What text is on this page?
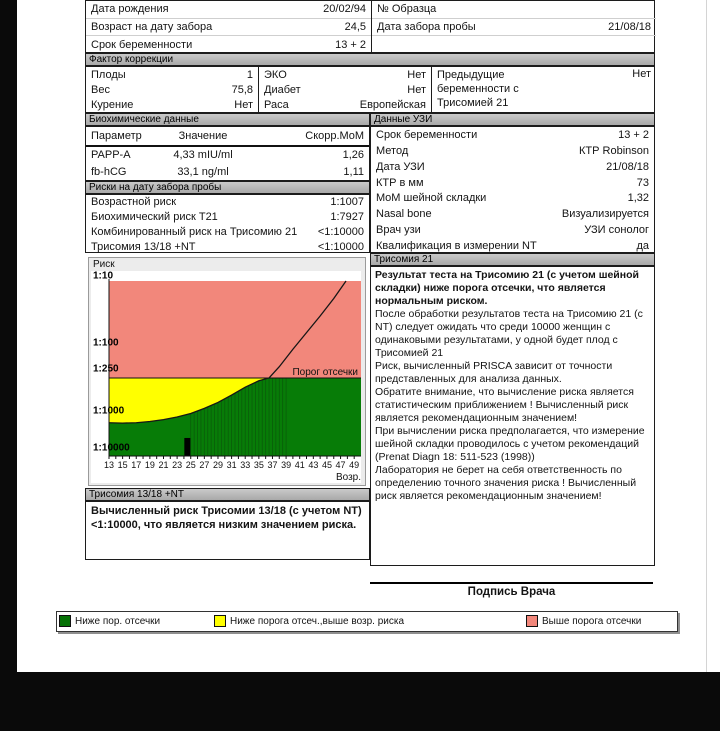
Дата рождения	20/02/94
Возраст на дату забора	24,5
Срок беременности	13 + 2
№ Образца
Дата забора пробы	21/08/18
Фактор коррекции
Плоды	1
Вес	75,8
Курение	Нет
ЭКО	Нет
Диабет	Нет
Раса	Европейская
Предыдущие беременности с Трисомией 21
Нет
Биохимические данные
Параметр	Значение	Скорр.MoM
PAPP-A	4,33 mIU/ml	1,26
fb-hCG	33,1 ng/ml	1,11
Риски на дату забора пробы
Возрастной риск	1:1007
Биохимический риск Т21	1:7927
Комбинированный риск на Трисомию 21 <1:10000
Трисомия 13/18 +NT	<1:10000
Данные УЗИ
Срок беременности	13 + 2
Метод	КТР Robinson
Дата УЗИ	21/08/18
КТР в мм	73
MoM шейной складки	1,32
Nasal bone	Визуализируется
Врач узи	УЗИ сонолог
Квалификация в измерении NT	да
Риск
13 15 17 19 21 23 25 27 29 31 33 35 37 39 41 43 45 47 49
Возр.
1:10
1:100
1:250
1:1000
1:10000
Порог отсечки
Трисомия 21

Результат теста на Трисомию 21 (с учетом шейной складки) ниже порога отсечки, что является нормальным риском.

После обработки результатов теста на Трисомию 21 (с NT) следует ожидать что среди 10000 женщин с одинаковыми результатами, у одной будет плод с Трисомией 21

Риск, вычисленный PRISCA зависит от точности представленных для анализа данных.

Обратите внимание, что вычисление риска является статистическим приближением ! Вычисленный риск является рекомендационным значением!

При вычислении риска предполагается, что измерение шейной складки проводилось с учетом рекомендаций (Prenat Diagn 18: 511-523 (1998))

Лаборатория не берет на себя ответственность по определению точного значения риска ! Вычисленный риск является рекомендационным значением!

Трисомия 13/18 +NT
Вычисленный риск Трисомии 13/18 (с учетом NT) <1:10000, что является низким значением риска.
Подпись Врача
Ниже пор. отсечки	Ниже порога отсеч.,выше возр. риска	Выше порога отсечки
